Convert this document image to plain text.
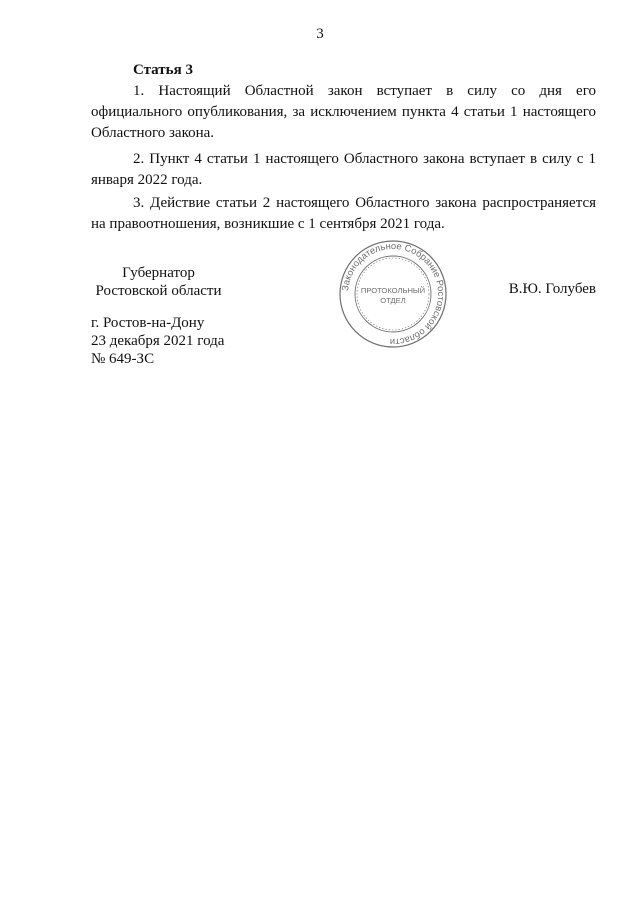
3
Статья 3

1. Настоящий Областной закон вступает в силу со дня его официального опубликования, за исключением пункта 4 статьи 1 настоящего Областного закона.

2. Пункт 4 статьи 1 настоящего Областного закона вступает в силу с 1 января 2022 года.

3. Действие статьи 2 настоящего Областного закона распространяется на правоотношения, возникшие с 1 сентября 2021 года.

Губернатор
Ростовской области	Законодательное Собрание Ростовской области
ПРОТОКОЛЬНЫЙ
ОТДЕЛ
В.Ю. Голубев
г. Ростов-на-Дону
23 декабря 2021 года
№ 649-ЗС
